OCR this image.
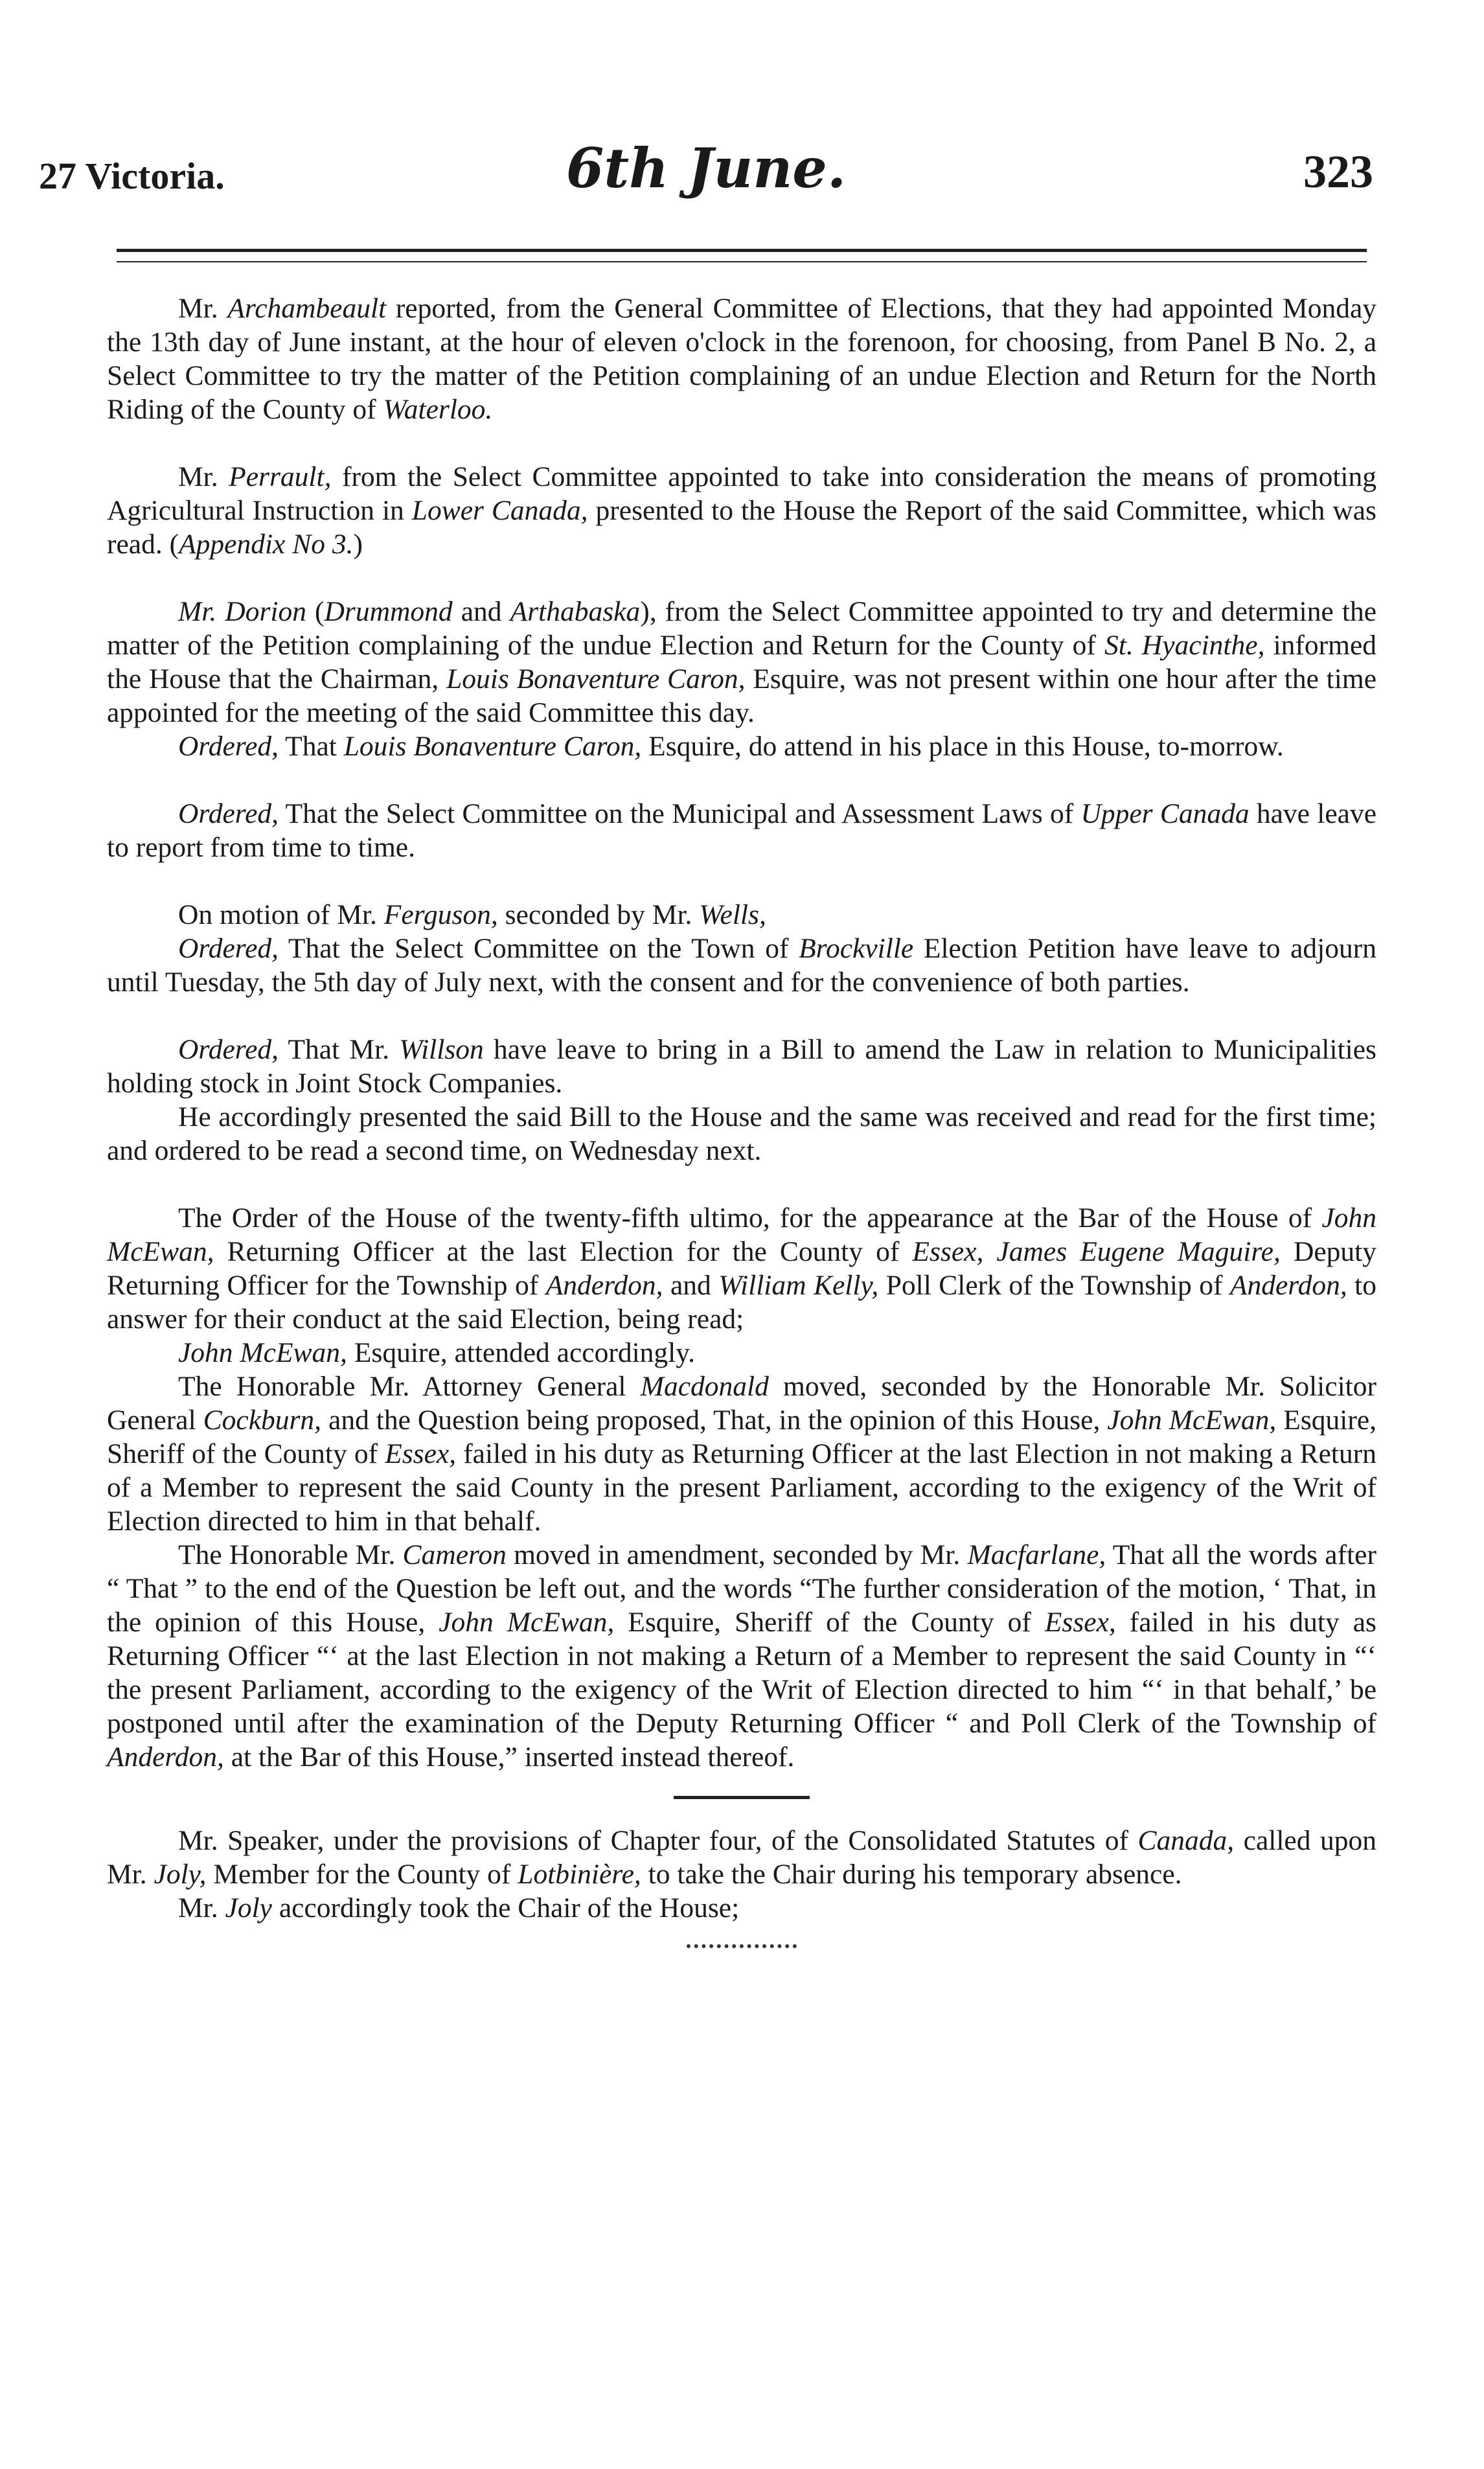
27 Victoria.	6th June.	323

Mr. Archambeault reported, from the General Committee of Elections, that they had appointed Monday the 13th day of June instant, at the hour of eleven o'clock in the forenoon, for choosing, from Panel B No. 2, a Select Committee to try the matter of the Petition complaining of an undue Election and Return for the North Riding of the County of Waterloo.

Mr. Perrault, from the Select Committee appointed to take into consideration the means of promoting Agricultural Instruction in Lower Canada, presented to the House the Report of the said Committee, which was read. (Appendix No 3.)

Mr. Dorion (Drummond and Arthabaska), from the Select Committee appointed to try and determine the matter of the Petition complaining of the undue Election and Return for the County of St. Hyacinthe, informed the House that the Chairman, Louis Bonaventure Caron, Esquire, was not present within one hour after the time appointed for the meeting of the said Committee this day.

Ordered, That Louis Bonaventure Caron, Esquire, do attend in his place in this House, to-morrow.

Ordered, That the Select Committee on the Municipal and Assessment Laws of Upper Canada have leave to report from time to time.

On motion of Mr. Ferguson, seconded by Mr. Wells,

Ordered, That the Select Committee on the Town of Brockville Election Petition have leave to adjourn until Tuesday, the 5th day of July next, with the consent and for the convenience of both parties.

Ordered, That Mr. Willson have leave to bring in a Bill to amend the Law in relation to Municipalities holding stock in Joint Stock Companies.

He accordingly presented the said Bill to the House and the same was received and read for the first time; and ordered to be read a second time, on Wednesday next.

The Order of the House of the twenty-fifth ultimo, for the appearance at the Bar of the House of John McEwan, Returning Officer at the last Election for the County of Essex, James Eugene Maguire, Deputy Returning Officer for the Township of Anderdon, and William Kelly, Poll Clerk of the Township of Anderdon, to answer for their conduct at the said Election, being read;

John McEwan, Esquire, attended accordingly.

The Honorable Mr. Attorney General Macdonald moved, seconded by the Honorable Mr. Solicitor General Cockburn, and the Question being proposed, That, in the opinion of this House, John McEwan, Esquire, Sheriff of the County of Essex, failed in his duty as Returning Officer at the last Election in not making a Return of a Member to represent the said County in the present Parliament, according to the exigency of the Writ of Election directed to him in that behalf.

The Honorable Mr. Cameron moved in amendment, seconded by Mr. Macfarlane, That all the words after “ That ” to the end of the Question be left out, and the words “The further consideration of the motion, ‘ That, in the opinion of this House, John McEwan, Esquire, Sheriff of the County of Essex, failed in his duty as Returning Officer “‘ at the last Election in not making a Return of a Member to represent the said County in “‘ the present Parliament, according to the exigency of the Writ of Election directed to him “‘ in that behalf,’ be postponed until after the examination of the Deputy Returning Officer “ and Poll Clerk of the Township of Anderdon, at the Bar of this House,” inserted instead thereof.

Mr. Speaker, under the provisions of Chapter four, of the Consolidated Statutes of Canada, called upon Mr. Joly, Member for the County of Lotbinière, to take the Chair during his temporary absence.

Mr. Joly accordingly took the Chair of the House;
